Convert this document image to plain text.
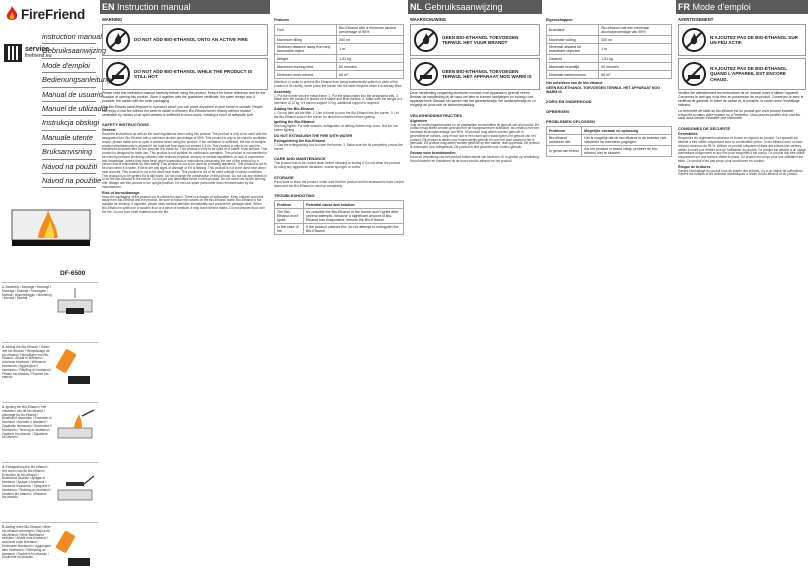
FireFriend
service
firefriend.eu
instruction manual
Gebruiksaanwijzing
Mode d'emploi
Bedienungsanleitung
Manual de usuario
Manuel de utilizador
Instrukcja obsługi
Manuale utente
Bruksanvisning
Návod na použití
Návod na použitie
DF-6500
1. Assembly / Montage / Montage / Montage / Montaje / Montagem / Montaż / Assemblaggio / Montering / Montáž / Montáž
2. Adding the Bio-Ethanol / Vullen met bio-ethanol / Remplissage de bio-éthanol / Hinzufügen von Bio-Ethanol / Añadir el bioetanol / Adicionar bioetanol / Wlewanie bioetanolu / Aggiungere il bioetanolo / Påfylling av bioetanol / Přidání bio-etanolu / Pridanie bio-etanolu
3. Igniting the Bio-Ethanol / Het ontsteken van de bio-ethanol / Allumage du bio-éthanol / Bioethanol anzünden / Encender el bioetanol / Acender o bioetanol / Zapalanie bioetanolu / Accendere il bioetanolo / Tenning av bioetanol / Zapálení bio-etanolu / Zapálenie bio-etanolu
4. Extinguishing the bio-ethanol / Het doven van de bio-ethanol / Extinction du bio-éthanol / Bioethanol löschen / Apagar el bioetanol / Apagar o bioetanol / Gaszenie bioetanolu / Spegnere il bioetanolo / Slukking av bioetanol / Uhašení bio-etanolu / Uhasenie bio-etanolu
5. Adding more Bio-Ethanol / Meer bio-ethanol toevoegen / Rajout de bio-éthanol / Mehr Bioethanol einfüllen / Añadir más bioetanol / Adicionar mais bioetanol / Dolewanie bioetanolu / Aggiungere altro bioetanolo / Etterfylling av bioetanol / Doplnění bio-etanolu / Doplnenie bio-etanolu
EN Instruction manual
WARNING
DO NOT ADD BIO-ETHANOL ONTO AN ACTIVE FIRE
DO NOT ADD BIO-ETHANOL WHILE THE PRODUCT IS STILL HOT
Please read this instruction manual carefully before using the product. Keep it for future reference and for the duration of owning this product. Store it together with the guarantee certificate, the sales receipt and, if possible, the carton with the inner packaging.
The Bio-Ethanol table fireplace is a product which you can place anywhere in your home or outside. People can enjoy a real fire without the need to install a chimney. Bio-Ethanol burns cleanly without residue, ventilation by means of an open window is sufficient in most cases, creating a room of adequate size.
SAFETY INSTRUCTIONS
General
Read the instructions as well as the local regulations when using this product. The product is only to be used with the designated fuel, Bio-Ethanol with a minimum alcohol percentage of 95%. This product is only to be used in ventilated rooms, please make sure to open a window when using the product. If the ventilation is sufficient, the use of multiple product simultaneously is allowed if the total fuel flow does not exceed 0,5 l/h. This product is only to be used for household purposes and for the purpose it is made for. This product is only to be used on a stable, level surface. This product is designed for table use. This product is not suitable for continuous operation. This product is not intended to be used by persons (including children) with reduced physical, sensory or mental capabilities, or lack of experience and knowledge, unless they have been given supervision or instructions concerning the use of the product by a person that is responsible for their safety. This product is not to be used as a heating appliance. This product is not to be used when it is fallen, if there are any signs of damage or if it is leaking. This product is not to be used near direct heat sources. This product is not to be used near water. This product is not to be used outside in windy conditions. This product is to be ignited if it is still warm. Do not change the construction of this product. Do not put any objects in or on the Bio-Ethanol in the burner. Do not put any flammable items on this product. Do not move nor tip the burning unit. Always use this product in the upright position. Do not use spare parts other than recommended by the manufacturer.
Risk of burns/damage
Keep the packaging of the product out of children's reach. There is a danger of suffocation. Keep children and pets away from Bio-Ethanol and the product. Be sure to follow the notices on the Bio-Ethanol bottle. Bio-Ethanol is not suitable for drinking. If ingested, please seek medical attention immediately and present the package label. When Bio-Ethanol is spilled on a wooden floor or a piece of furniture, it may leave behind marks. Do not prepare food over the fire. Do not burn other material over the fire.
Features
Fuel	Bio-Ethanol with a minimum alcohol percentage of 95%
Maximum filling	300 ml
Minimum distance away from any flammable object	1 m
Weight	1,51 kg
Maximum burning time	60 minutes
Minimum room volume	66 m³
Attention: In order to prevent Bio-Ethanol from being inadvertently spilled on parts of the product or its vicinity, never place the burner into the table fireplace when it is already filled.
Assembly
1. Put the burner into the metal frame. 2. Put the glass plates into the designated slits. 3. Make sure the product is placed on a stable and level surface. 4. Make sure the weight is a minimum of 10 kg. If it cannot support 10 kg, additional support is required.
Adding the Bio-Ethanol
1. Do not take out the filler. 2. Use a funnel to pour the Bio-Ethanol into the burner. 3. Let the Bio-Ethanol soak in the burner for about two minutes before igniting.
Igniting the Bio-Ethanol
Use long lighter. For safe reasons, deflagration or darting flames may occur. Not too hot before lighting.
DO NOT EXTINGUISH THE FIRE WITH WATER
Extinguishing the Bio-Ethanol
1. Use the extinguishing tool to cover the burner. 2. Make sure the lid completely covers the burner.
CARE AND MAINTENANCE
This product has to be cooled down before cleaning or storing it. Do not clean the product by using any aggressive abrasives, coarse sponges or cloths.
STORAGE
If you want to store the product, make sure that the product and its accessories have cooled down and the Bio-Ethanol is used up completely.
TROUBLESHOOTING
Problem	Potential cause and solution
The Bio-Ethanol won't ignite	It's possible the Bio-Ethanol in the burner won't ignite after several attempts, because a significant amount of Bio-Ethanol has evaporated; remove the Bio-Ethanol.
In the case of fire	If the product catches fire, do not attempt to extinguish the Bio-Ethanol.
NL Gebruiksaanwijzing
WAARSCHUWING
GEEN BIO-ETHANOL TOEVOEGEN TERWIJL HET VUUR BRANDT
GEEN BIO-ETHANOL TOEVOEGEN TERWIJL HET APPARAAT NOG WARM IS
Deze handleiding zorgvuldig doorlezen voordat u het apparaat in gebruik neemt. Bewaar de handleiding bij de hand om later te kunnen raadplegen en zolang u het apparaat bezit. Bewaar het samen met het garantiebewijs, het aankoopbewijs en zo mogelijk de doos met de binnenverpakking.
VEILIGHEIDSINSTRUCTIES
Algemeen
Volg de bedieningsinstructies en de plaatselijke voorschriften bij gebruik van dit product. Dit product mag alleen worden gebruikt met de voorgeschreven brandstof: bio-ethanol met een minimaal alcoholpercentage van 95%. Dit product mag alleen worden gebruikt in geventileerde ruimtes, zorg ervoor dat er een raam open staat tijdens het gebruik van het product. Dit product is alleen voor huishoudelijk gebruik en voor het doel waarvoor het is gemaakt. Dit product mag alleen worden gebruikt op een stabiel, vlak oppervlak. Dit product is ontworpen voor tafelgebruik. Dit product is niet geschikt voor continu gebruik.
Gevaar voor brandwonden
Houd de verpakking van het product buiten bereik van kinderen. Er is gevaar op verstikking. Houd kinderen en huisdieren uit de buurt van bio-ethanol en het product.
Eigenschappen
Brandstof	Bio-ethanol met een minimaal alcoholpercentage van 95%
Maximale vulling	300 ml
Minimale afstand tot brandbare objecten	1 m
Gewicht	1,51 kg
Maximale brandtijd	60 minuten
Minimale kamervolume	66 m³
Het ontsteken van de bio-ethanol
GEEN BIO-ETHANOL TOEVOEGEN TERWIJL HET APPARAAT NOG WARM IS
ZORG EN ONDERHOUD
OPBERGEN
PROBLEMEN OPLOSSEN
Probleem	Mogelijke oorzaak en oplossing
Bio-ethanol ontsteekt niet	Het is mogelijk dat de bio-ethanol in de brander niet ontsteekt na meerdere pogingen.
In geval van brand	Als het product in brand vliegt, probeer de bio-ethanol niet te blussen.
FR Mode d'emploi
AVERTISSEMENT
N'AJOUTEZ PAS DE BIO-ÉTHANOL SUR UN FEU ACTIF.
N'AJOUTEZ PAS DE BIO-ÉTHANOL QUAND L'APPAREIL EST ENCORE CHAUD.
Veuillez lire attentivement les instructions de ce manuel avant d'utiliser l'appareil. Conservez-le tant que vous êtes en possession de ce produit. Conservez-le avec le certificat de garantie, le ticket de caisse et, si possible, le carton avec l'emballage intérieur.
La cheminée de table au bio-éthanol est un produit que vous pouvez installer n'importe où dans votre maison ou à l'extérieur. Vous pouvez profiter d'un vrai feu sans avoir besoin d'installer une cheminée.
CONSIGNES DE SÉCURITÉ
Généralités
Respectez les règlements nationaux et locaux en vigueur au produit. Cet appareil est destiné à être utilisé uniquement avec le combustible prévu : le bio-éthanol avec un taux d'alcool minimum de 95 %. Utilisez ce produit uniquement dans des pièces bien aérées, veillez à ouvrir une fenêtre lors de l'utilisation du produit. Ce produit est destiné à un usage domestique uniquement et aux fins pour lesquelles il est conçu. Ce produit doit être utilisé uniquement sur une surface stable et plane. Ce produit est conçu pour une utilisation sur table. Ce produit n'est pas conçu pour fonctionner en continu.
Risque de brûlures
Gardez l'emballage du produit hors de portée des enfants. Il y a un risque de suffocation. Gardez les enfants et les animaux domestiques à l'écart du bio-éthanol et du produit.
